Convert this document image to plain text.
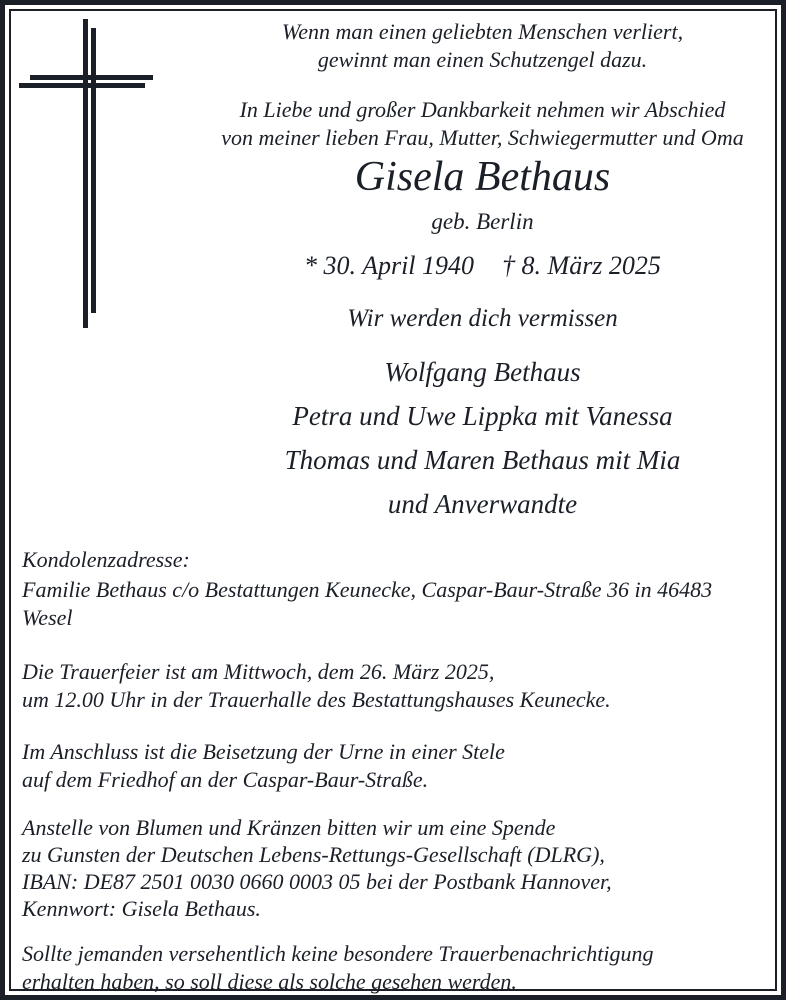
Wenn man einen geliebten Menschen verliert,
gewinnt man einen Schutzengel dazu.

In Liebe und großer Dankbarkeit nehmen wir Abschied
von meiner lieben Frau, Mutter, Schwiegermutter und Oma

Gisela Bethaus

geb. Berlin

* 30. April 1940 † 8. März 2025

Wir werden dich vermissen

Wolfgang Bethaus
Petra und Uwe Lippka mit Vanessa
Thomas und Maren Bethaus mit Mia
und Anverwandte

Kondolenzadresse:

Familie Bethaus c/o Bestattungen Keunecke, Caspar-Baur-Straße 36 in 46483 Wesel

Die Trauerfeier ist am Mittwoch, dem 26. März 2025,
um 12.00 Uhr in der Trauerhalle des Bestattungshauses Keunecke.

Im Anschluss ist die Beisetzung der Urne in einer Stele
auf dem Friedhof an der Caspar-Baur-Straße.

Anstelle von Blumen und Kränzen bitten wir um eine Spende
zu Gunsten der Deutschen Lebens-Rettungs-Gesellschaft (DLRG),
IBAN: DE87 2501 0030 0660 0003 05 bei der Postbank Hannover,
Kennwort: Gisela Bethaus.

Sollte jemanden versehentlich keine besondere Trauerbenachrichtigung
erhalten haben, so soll diese als solche gesehen werden.
